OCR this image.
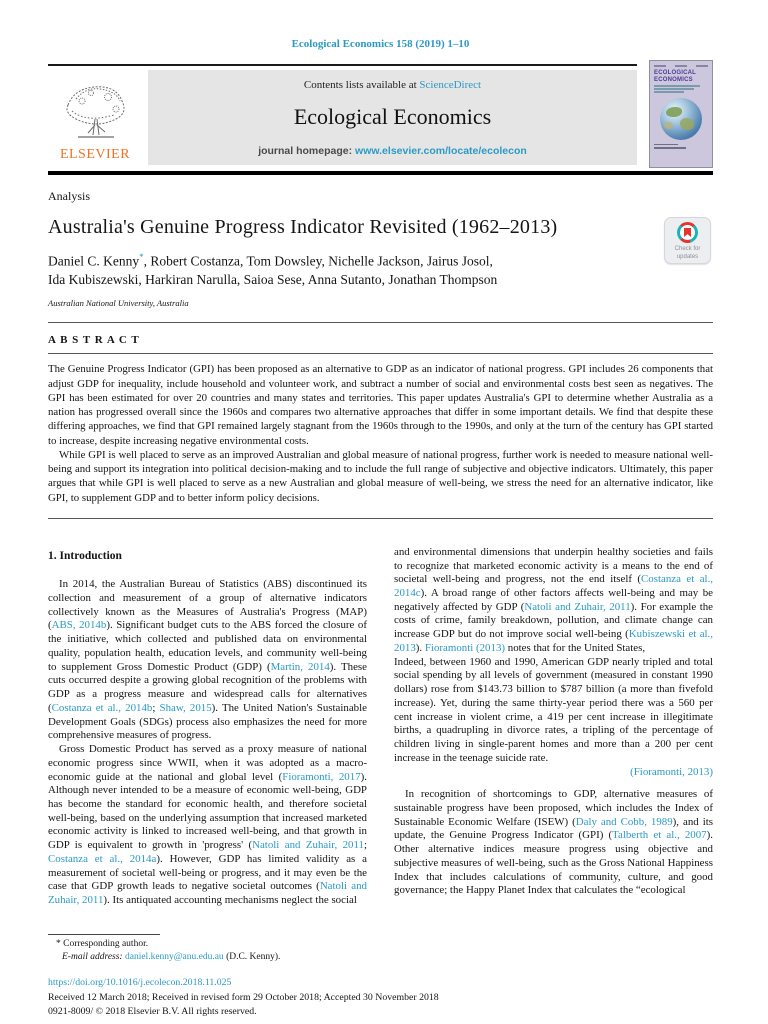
Ecological Economics 158 (2019) 1–10
ELSEVIER
Contents lists available at ScienceDirect
Ecological Economics
journal homepage: www.elsevier.com/locate/ecolecon
ECOLOGICAL ECONOMICS
Analysis
Australia's Genuine Progress Indicator Revisited (1962–2013)
Check for
updates
Daniel C. Kenny*, Robert Costanza, Tom Dowsley, Nichelle Jackson, Jairus Josol,
Ida Kubiszewski, Harkiran Narulla, Saioa Sese, Anna Sutanto, Jonathan Thompson
Australian National University, Australia
A B S T R A C T

The Genuine Progress Indicator (GPI) has been proposed as an alternative to GDP as an indicator of national progress. GPI includes 26 components that adjust GDP for inequality, include household and volunteer work, and subtract a number of social and environmental costs best seen as negatives. The GPI has been estimated for over 20 countries and many states and territories. This paper updates Australia's GPI to determine whether Australia as a nation has progressed overall since the 1960s and compares two alternative approaches that differ in some important details. We find that despite these differing approaches, we find that GPI remained largely stagnant from the 1960s through to the 1990s, and only at the turn of the century has GPI started to increase, despite increasing negative environmental costs.

While GPI is well placed to serve as an improved Australian and global measure of national progress, further work is needed to measure national well-being and support its integration into political decision-making and to include the full range of subjective and objective indicators. Ultimately, this paper argues that while GPI is well placed to serve as a new Australian and global measure of well-being, we stress the need for an alternative indicator, like GPI, to supplement GDP and to better inform policy decisions.

1. Introduction

In 2014, the Australian Bureau of Statistics (ABS) discontinued its collection and measurement of a group of alternative indicators collectively known as the Measures of Australia's Progress (MAP) (ABS, 2014b). Significant budget cuts to the ABS forced the closure of the initiative, which collected and published data on environmental quality, population health, education levels, and community well-being to supplement Gross Domestic Product (GDP) (Martin, 2014). These cuts occurred despite a growing global recognition of the problems with GDP as a progress measure and widespread calls for alternatives (Costanza et al., 2014b; Shaw, 2015). The United Nation's Sustainable Development Goals (SDGs) process also emphasizes the need for more comprehensive measures of progress.

Gross Domestic Product has served as a proxy measure of national economic progress since WWII, when it was adopted as a macro-economic guide at the national and global level (Fioramonti, 2017). Although never intended to be a measure of economic well-being, GDP has become the standard for economic health, and therefore societal well-being, based on the underlying assumption that increased marketed economic activity is linked to increased well-being, and that growth in GDP is equivalent to growth in 'progress' (Natoli and Zuhair, 2011; Costanza et al., 2014a). However, GDP has limited validity as a measurement of societal well-being or progress, and it may even be the case that GDP growth leads to negative societal outcomes (Natoli and Zuhair, 2011). Its antiquated accounting mechanisms neglect the social

and environmental dimensions that underpin healthy societies and fails to recognize that marketed economic activity is a means to the end of societal well-being and progress, not the end itself (Costanza et al., 2014c). A broad range of other factors affects well-being and may be negatively affected by GDP (Natoli and Zuhair, 2011). For example the costs of crime, family breakdown, pollution, and climate change can increase GDP but do not improve social well-being (Kubiszewski et al., 2013). Fioramonti (2013) notes that for the United States,

Indeed, between 1960 and 1990, American GDP nearly tripled and total social spending by all levels of government (measured in constant 1990 dollars) rose from $143.73 billion to $787 billion (a more than fivefold increase). Yet, during the same thirty-year period there was a 560 per cent increase in violent crime, a 419 per cent increase in illegitimate births, a quadrupling in divorce rates, a tripling of the percentage of children living in single-parent homes and more than a 200 per cent increase in the teenage suicide rate.

(Fioramonti, 2013)

In recognition of shortcomings to GDP, alternative measures of sustainable progress have been proposed, which includes the Index of Sustainable Economic Welfare (ISEW) (Daly and Cobb, 1989), and its update, the Genuine Progress Indicator (GPI) (Talberth et al., 2007). Other alternative indices measure progress using objective and subjective measures of well-being, such as the Gross National Happiness Index that includes calculations of community, culture, and good governance; the Happy Planet Index that calculates the “ecological

* Corresponding author.
E-mail address: daniel.kenny@anu.edu.au (D.C. Kenny).
https://doi.org/10.1016/j.ecolecon.2018.11.025
Received 12 March 2018; Received in revised form 29 October 2018; Accepted 30 November 2018
0921-8009/ © 2018 Elsevier B.V. All rights reserved.
